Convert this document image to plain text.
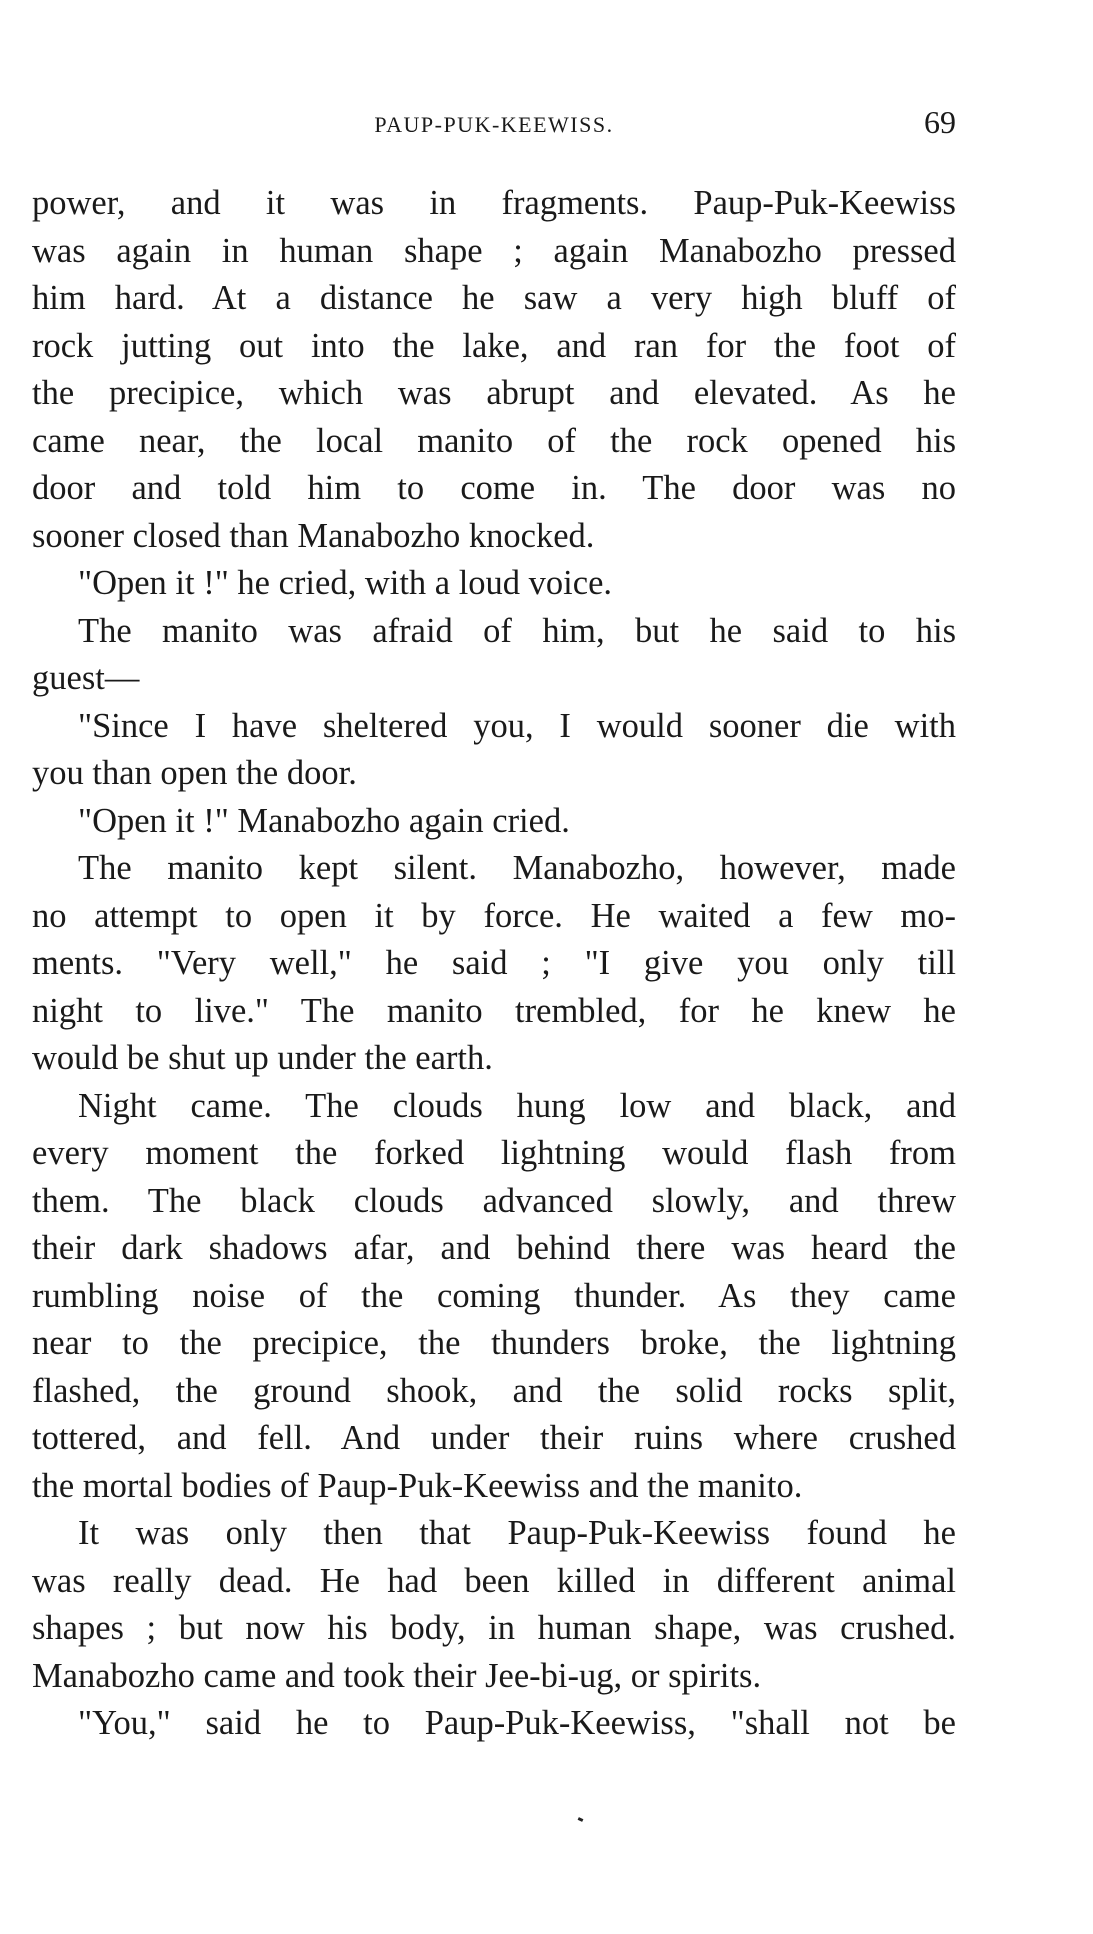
PAUP-PUK-KEEWISS.	69
power, and it was in fragments. Paup-Puk-Keewiss
was again in human shape ; again Manabozho pressed
him hard. At a distance he saw a very high bluff of
rock jutting out into the lake, and ran for the foot of
the precipice, which was abrupt and elevated. As he
came near, the local manito of the rock opened his
door and told him to come in. The door was no
sooner closed than Manabozho knocked.
"Open it !" he cried, with a loud voice.
The manito was afraid of him, but he said to his
guest—
"Since I have sheltered you, I would sooner die with
you than open the door.
"Open it !" Manabozho again cried.
The manito kept silent. Manabozho, however, made
no attempt to open it by force. He waited a few mo-
ments. "Very well," he said ; "I give you only till
night to live." The manito trembled, for he knew he
would be shut up under the earth.
Night came. The clouds hung low and black, and
every moment the forked lightning would flash from
them. The black clouds advanced slowly, and threw
their dark shadows afar, and behind there was heard the
rumbling noise of the coming thunder. As they came
near to the precipice, the thunders broke, the lightning
flashed, the ground shook, and the solid rocks split,
tottered, and fell. And under their ruins where crushed
the mortal bodies of Paup-Puk-Keewiss and the manito.
It was only then that Paup-Puk-Keewiss found he
was really dead. He had been killed in different animal
shapes ; but now his body, in human shape, was crushed.
Manabozho came and took their Jee-bi-ug, or spirits.
"You," said he to Paup-Puk-Keewiss, "shall not be
